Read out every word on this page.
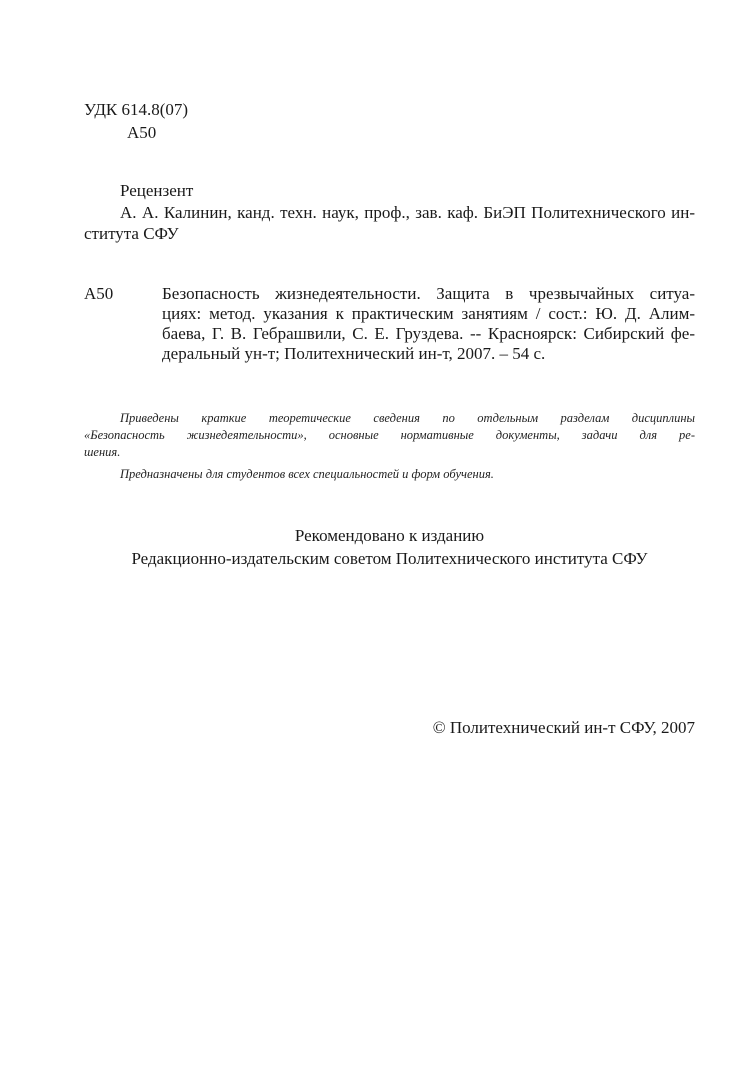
УДК 614.8(07)
А50
Рецензент
А. А. Калинин, канд. техн. наук, проф., зав. каф. БиЭП Политехнического ин-
ститута СФУ
А50	Безопасность жизнедеятельности. Защита в чрезвычайных ситуа-
циях: метод. указания к практическим занятиям / сост.: Ю. Д. Алим-
баева, Г. В. Гебрашвили, С. Е. Груздева. -- Красноярск: Сибирский фе-
деральный ун-т; Политехнический ин-т, 2007. – 54 с.
Приведены краткие теоретические сведения по отдельным разделам дисциплины
«Безопасность жизнедеятельности», основные нормативные документы, задачи для ре-
шения.
Предназначены для студентов всех специальностей и форм обучения.
Рекомендовано к изданию
Редакционно-издательским советом Политехнического института СФУ
© Политехнический ин-т СФУ, 2007
